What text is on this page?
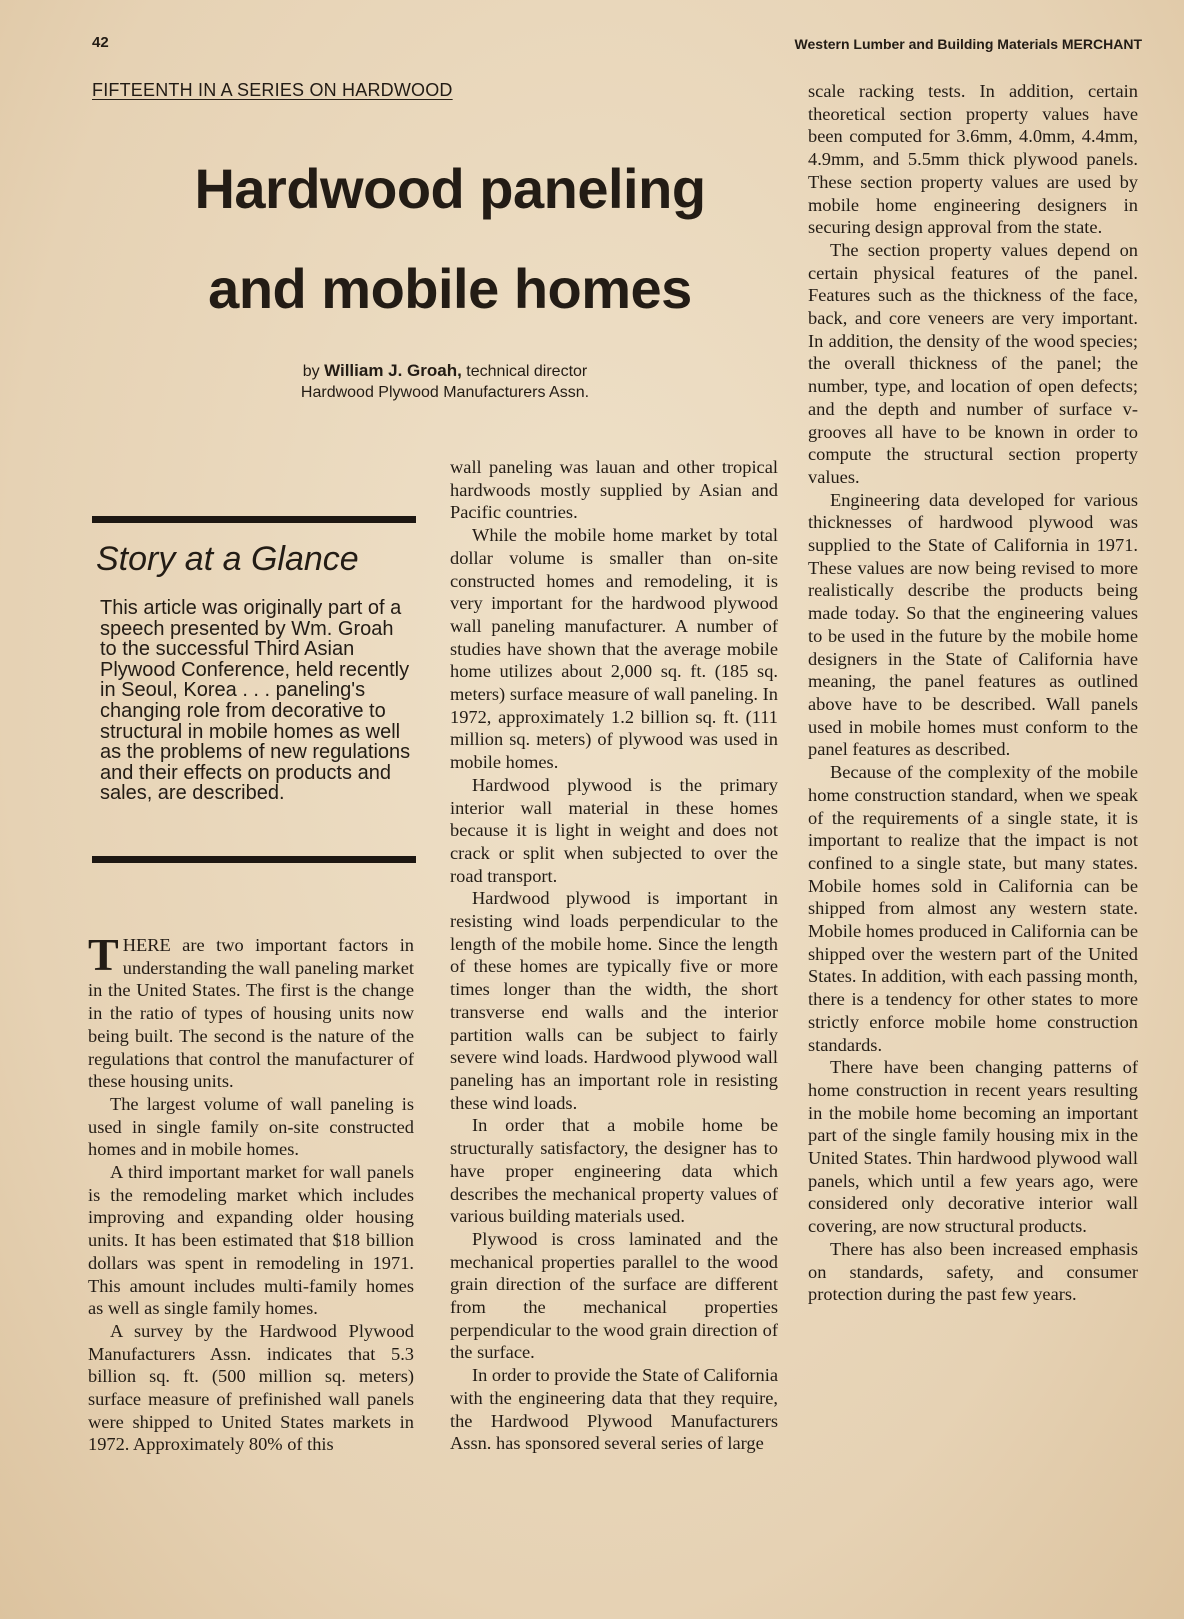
42	Western Lumber and Building Materials MERCHANT
FIFTEENTH IN A SERIES ON HARDWOOD
Hardwood paneling
and mobile homes
by William J. Groah, technical director
Hardwood Plywood Manufacturers Assn.
Story at a Glance

This article was originally part of a speech presented by Wm. Groah to the successful Third Asian Plywood Conference, held recently in Seoul, Korea . . . paneling's changing role from decorative to structural in mobile homes as well as the problems of new regulations and their effects on products and sales, are described.

THERE are two important factors in understanding the wall paneling market in the United States. The first is the change in the ratio of types of housing units now being built. The second is the nature of the regulations that control the manufacturer of these housing units.

The largest volume of wall paneling is used in single family on-site constructed homes and in mobile homes.

A third important market for wall panels is the remodeling market which includes improving and expanding older housing units. It has been estimated that $18 billion dollars was spent in remodeling in 1971. This amount includes multi-family homes as well as single family homes.

A survey by the Hardwood Plywood Manufacturers Assn. indicates that 5.3 billion sq. ft. (500 million sq. meters) surface measure of prefinished wall panels were shipped to United States markets in 1972. Approximately 80% of this

wall paneling was lauan and other tropical hardwoods mostly supplied by Asian and Pacific countries.

While the mobile home market by total dollar volume is smaller than on-site constructed homes and remodeling, it is very important for the hardwood plywood wall paneling manufacturer. A number of studies have shown that the average mobile home utilizes about 2,000 sq. ft. (185 sq. meters) surface measure of wall paneling. In 1972, approximately 1.2 billion sq. ft. (111 million sq. meters) of plywood was used in mobile homes.

Hardwood plywood is the primary interior wall material in these homes because it is light in weight and does not crack or split when subjected to over the road transport.

Hardwood plywood is important in resisting wind loads perpendicular to the length of the mobile home. Since the length of these homes are typically five or more times longer than the width, the short transverse end walls and the interior partition walls can be subject to fairly severe wind loads. Hardwood plywood wall paneling has an important role in resisting these wind loads.

In order that a mobile home be structurally satisfactory, the designer has to have proper engineering data which describes the mechanical property values of various building materials used.

Plywood is cross laminated and the mechanical properties parallel to the wood grain direction of the surface are different from the mechanical properties perpendicular to the wood grain direction of the surface.

In order to provide the State of California with the engineering data that they require, the Hardwood Plywood Manufacturers Assn. has sponsored several series of large

scale racking tests. In addition, certain theoretical section property values have been computed for 3.6mm, 4.0mm, 4.4mm, 4.9mm, and 5.5mm thick plywood panels. These section property values are used by mobile home engineering designers in securing design approval from the state.

The section property values depend on certain physical features of the panel. Features such as the thickness of the face, back, and core veneers are very important. In addition, the density of the wood species; the overall thickness of the panel; the number, type, and location of open defects; and the depth and number of surface v-grooves all have to be known in order to compute the structural section property values.

Engineering data developed for various thicknesses of hardwood plywood was supplied to the State of California in 1971. These values are now being revised to more realistically describe the products being made today. So that the engineering values to be used in the future by the mobile home designers in the State of California have meaning, the panel features as outlined above have to be described. Wall panels used in mobile homes must conform to the panel features as described.

Because of the complexity of the mobile home construction standard, when we speak of the requirements of a single state, it is important to realize that the impact is not confined to a single state, but many states. Mobile homes sold in California can be shipped from almost any western state. Mobile homes produced in California can be shipped over the western part of the United States. In addition, with each passing month, there is a tendency for other states to more strictly enforce mobile home construction standards.

There have been changing patterns of home construction in recent years resulting in the mobile home becoming an important part of the single family housing mix in the United States. Thin hardwood plywood wall panels, which until a few years ago, were considered only decorative interior wall covering, are now structural products.

There has also been increased emphasis on standards, safety, and consumer protection during the past few years.
